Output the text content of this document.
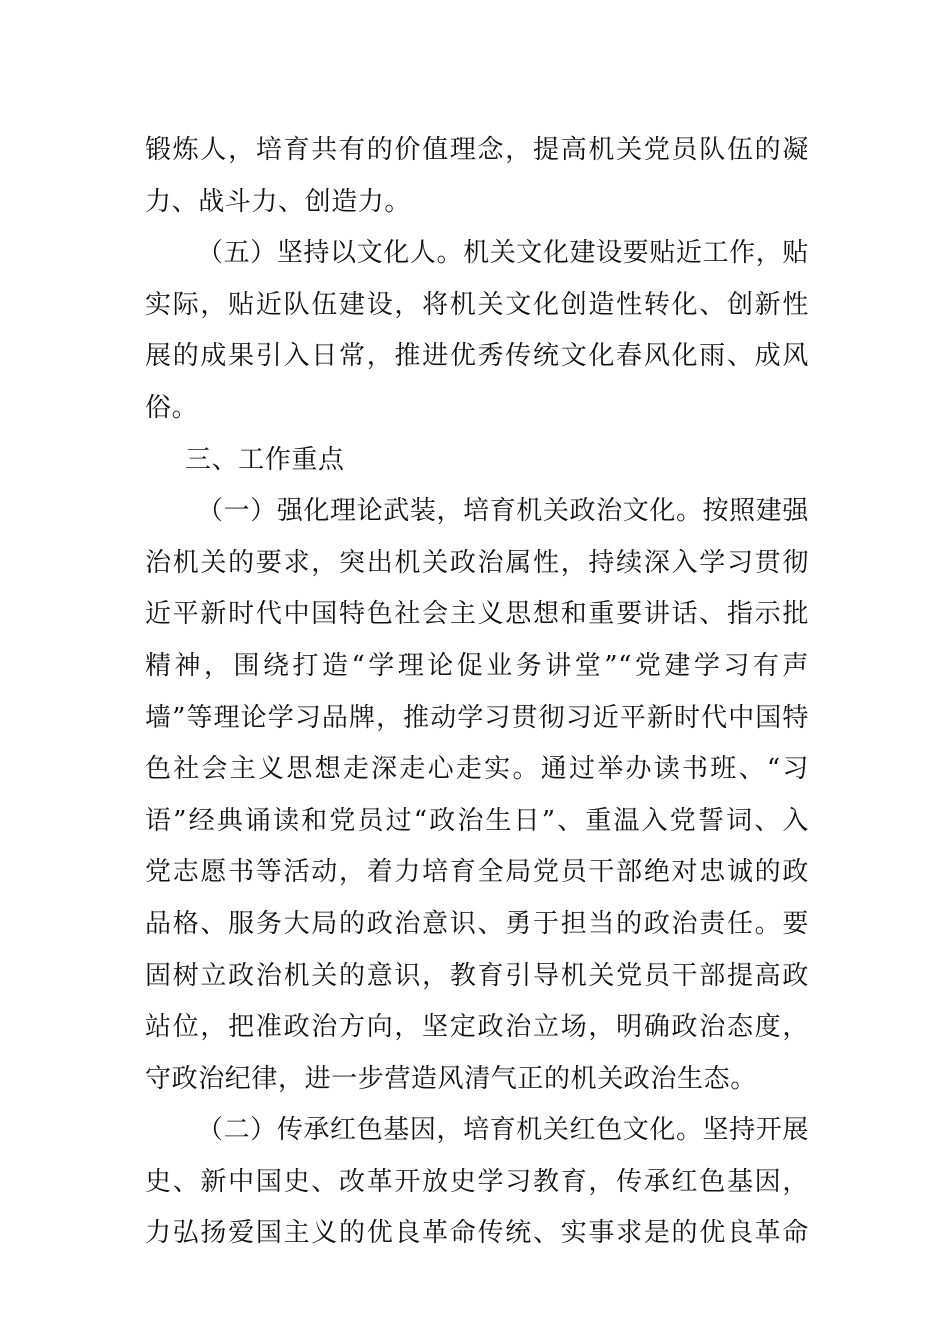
锻炼人，培育共有的价值理念，提高机关党员队伍的凝
力、战斗力、创造力。
（五）坚持以文化人。机关文化建设要贴近工作，贴
实际，贴近队伍建设，将机关文化创造性转化、创新性
展的成果引入日常，推进优秀传统文化春风化雨、成风
俗。
三、工作重点
（一）强化理论武装，培育机关政治文化。按照建强
治机关的要求，突出机关政治属性，持续深入学习贯彻
近平新时代中国特色社会主义思想和重要讲话、指示批
精神，围绕打造“学理论促业务讲堂”“党建学习有声
墙”等理论学习品牌，推动学习贯彻习近平新时代中国特
色社会主义思想走深走心走实。通过举办读书班、“习
语”经典诵读和党员过“政治生日”、重温入党誓词、入
党志愿书等活动，着力培育全局党员干部绝对忠诚的政
品格、服务大局的政治意识、勇于担当的政治责任。要
固树立政治机关的意识，教育引导机关党员干部提高政
站位，把准政治方向，坚定政治立场，明确政治态度，
守政治纪律，进一步营造风清气正的机关政治生态。
（二）传承红色基因，培育机关红色文化。坚持开展
史、新中国史、改革开放史学习教育，传承红色基因，
力弘扬爱国主义的优良革命传统、实事求是的优良革命
